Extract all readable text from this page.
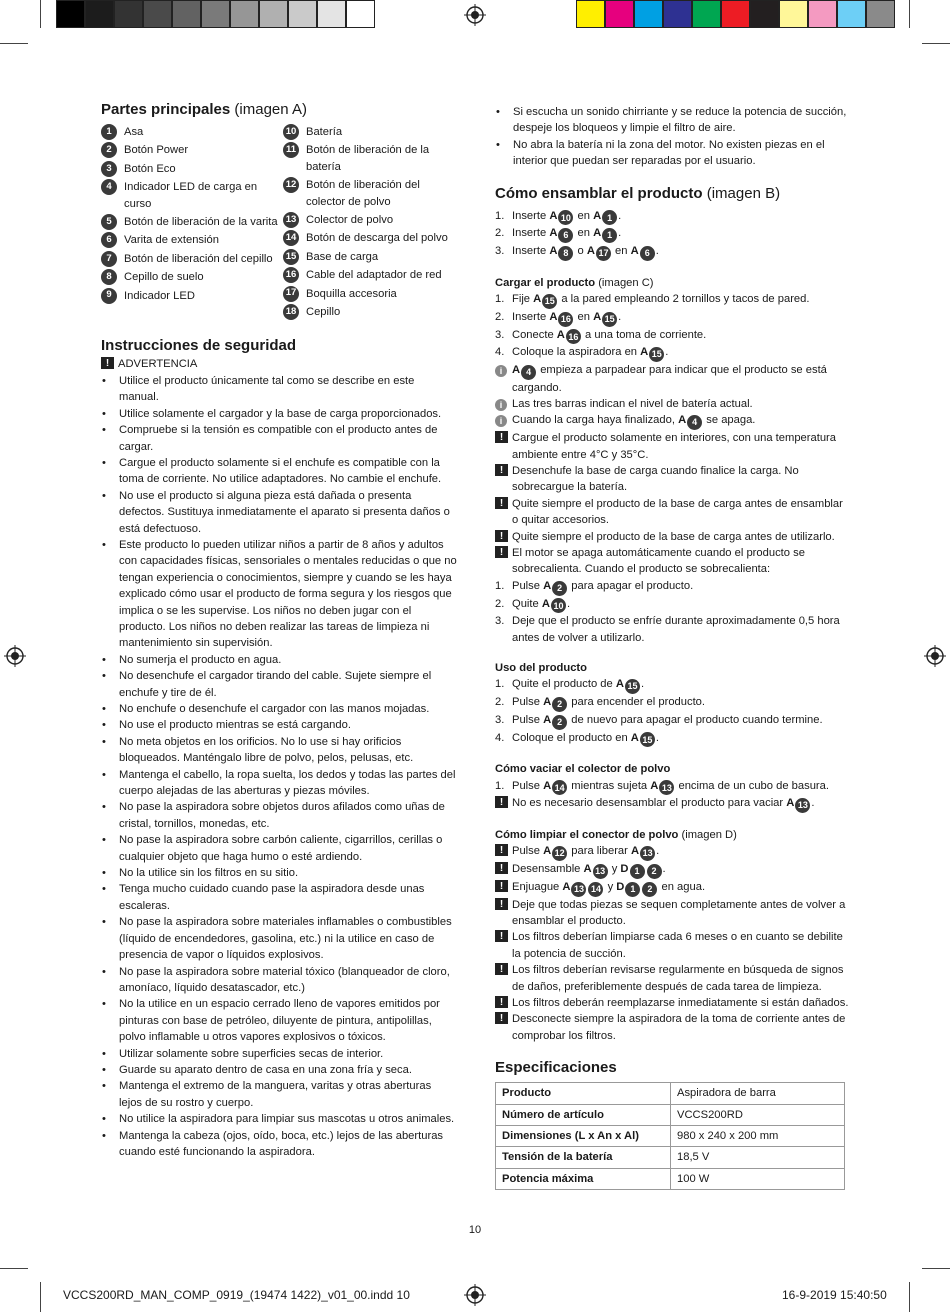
Partes principales (imagen A)
1	Asa
2	Botón Power
3	Botón Eco
4	Indicador LED de carga en curso
5	Botón de liberación de la varita
6	Varita de extensión
7	Botón de liberación del cepillo
8	Cepillo de suelo
9	Indicador LED
10 Batería
11 Botón de liberación de la batería
12 Botón de liberación del colector de polvo
13 Colector de polvo
14 Botón de descarga del polvo
15 Base de carga
16 Cable del adaptador de red
17 Boquilla accesoria
18 Cepillo
Instrucciones de seguridad
!
ADVERTENCIA
• Utilice el producto únicamente tal como se describe en este manual.
• Utilice solamente el cargador y la base de carga proporcionados.
• Compruebe si la tensión es compatible con el producto antes de cargar.
• Cargue el producto solamente si el enchufe es compatible con la toma de corriente. No utilice adaptadores. No cambie el enchufe.
• No use el producto si alguna pieza está dañada o presenta defectos. Sustituya inmediatamente el aparato si presenta daños o está defectuoso.
• Este producto lo pueden utilizar niños a partir de 8 años y adultos con capacidades físicas, sensoriales o mentales reducidas o que no tengan experiencia o conocimientos, siempre y cuando se les haya explicado cómo usar el producto de forma segura y los riesgos que implica o se les supervise. Los niños no deben jugar con el producto. Los niños no deben realizar las tareas de limpieza ni mantenimiento sin supervisión.
• No sumerja el producto en agua.
• No desenchufe el cargador tirando del cable. Sujete siempre el enchufe y tire de él.
• No enchufe o desenchufe el cargador con las manos mojadas.
• No use el producto mientras se está cargando.
• No meta objetos en los orificios. No lo use si hay orificios bloqueados. Manténgalo libre de polvo, pelos, pelusas, etc.
• Mantenga el cabello, la ropa suelta, los dedos y todas las partes del cuerpo alejadas de las aberturas y piezas móviles.
• No pase la aspiradora sobre objetos duros afilados como uñas de cristal, tornillos, monedas, etc.
• No pase la aspiradora sobre carbón caliente, cigarrillos, cerillas o cualquier objeto que haga humo o esté ardiendo.
• No la utilice sin los filtros en su sitio.
• Tenga mucho cuidado cuando pase la aspiradora desde unas escaleras.
• No pase la aspiradora sobre materiales inflamables o combustibles (líquido de encendedores, gasolina, etc.) ni la utilice en caso de presencia de vapor o líquidos explosivos.
• No pase la aspiradora sobre material tóxico (blanqueador de cloro, amoníaco, líquido desatascador, etc.)
• No la utilice en un espacio cerrado lleno de vapores emitidos por pinturas con base de petróleo, diluyente de pintura, antipolillas, polvo inflamable u otros vapores explosivos o tóxicos.
• Utilizar solamente sobre superficies secas de interior.
• Guarde su aparato dentro de casa en una zona fría y seca.
• Mantenga el extremo de la manguera, varitas y otras aberturas lejos de su rostro y cuerpo.
• No utilice la aspiradora para limpiar sus mascotas u otros animales.
• Mantenga la cabeza (ojos, oído, boca, etc.) lejos de las aberturas cuando esté funcionando la aspiradora.
• Si escucha un sonido chirriante y se reduce la potencia de succión, despeje los bloqueos y limpie el filtro de aire.
• No abra la batería ni la zona del motor. No existen piezas en el interior que puedan ser reparadas por el usuario.
Cómo ensamblar el producto (imagen B)
1. Inserte A 10 en A 1 .
2. Inserte A 6 en A 1 .
3. Inserte A 8 o A 17 en A 6 .
Cargar el producto (imagen C)
1. Fije A 15 a la pared empleando 2 tornillos y tacos de pared.
2. Inserte A 16 en A 15 .
3. Conecte A 16 a una toma de corriente.
4. Coloque la aspiradora en A 15 .
i A 4 empieza a parpadear para indicar que el producto se está cargando.
i Las tres barras indican el nivel de batería actual.
i Cuando la carga haya finalizado, A 4 se apaga.
!
Cargue el producto solamente en interiores, con una temperatura ambiente entre 4°C y 35°C.
!
Desenchufe la base de carga cuando finalice la carga. No sobrecargue la batería.
!
Quite siempre el producto de la base de carga antes de ensamblar o quitar accesorios.
!
Quite siempre el producto de la base de carga antes de utilizarlo.
!
El motor se apaga automáticamente cuando el producto se sobrecalienta. Cuando el producto se sobrecalienta:
1. Pulse A 2 para apagar el producto.
2. Quite A 10 .
3. Deje que el producto se enfríe durante aproximadamente 0,5 hora antes de volver a utilizarlo.
Uso del producto
1. Quite el producto de A 15 .
2. Pulse A 2 para encender el producto.
3. Pulse A 2 de nuevo para apagar el producto cuando termine.
4. Coloque el producto en A 15 .
Cómo vaciar el colector de polvo
1. Pulse A 14 mientras sujeta A 13 encima de un cubo de basura.
!
No es necesario desensamblar el producto para vaciar A 13 .
Cómo limpiar el conector de polvo (imagen D)
!
Pulse A 12 para liberar A 13 .
!
Desensamble A 13 y D 1 2 .
!
Enjuague A 13 14 y D 1 2 en agua.
!
Deje que todas piezas se sequen completamente antes de volver a ensamblar el producto.
!
Los filtros deberían limpiarse cada 6 meses o en cuanto se debilite la potencia de succión.
!
Los filtros deberían revisarse regularmente en búsqueda de signos de daños, preferiblemente después de cada tarea de limpieza.
!
Los filtros deberán reemplazarse inmediatamente si están dañados.
!
Desconecte siempre la aspiradora de la toma de corriente antes de comprobar los filtros.
Especificaciones
Producto	Aspiradora de barra
Número de artículo	VCCS200RD
Dimensiones (L x An x Al)	980 x 240 x 200 mm
Tensión de la batería	18,5 V
Potencia máxima	100 W
10
VCCS200RD_MAN_COMP_0919_(19474 1422)_v01_00.indd 10	16-9-2019 15:40:50
